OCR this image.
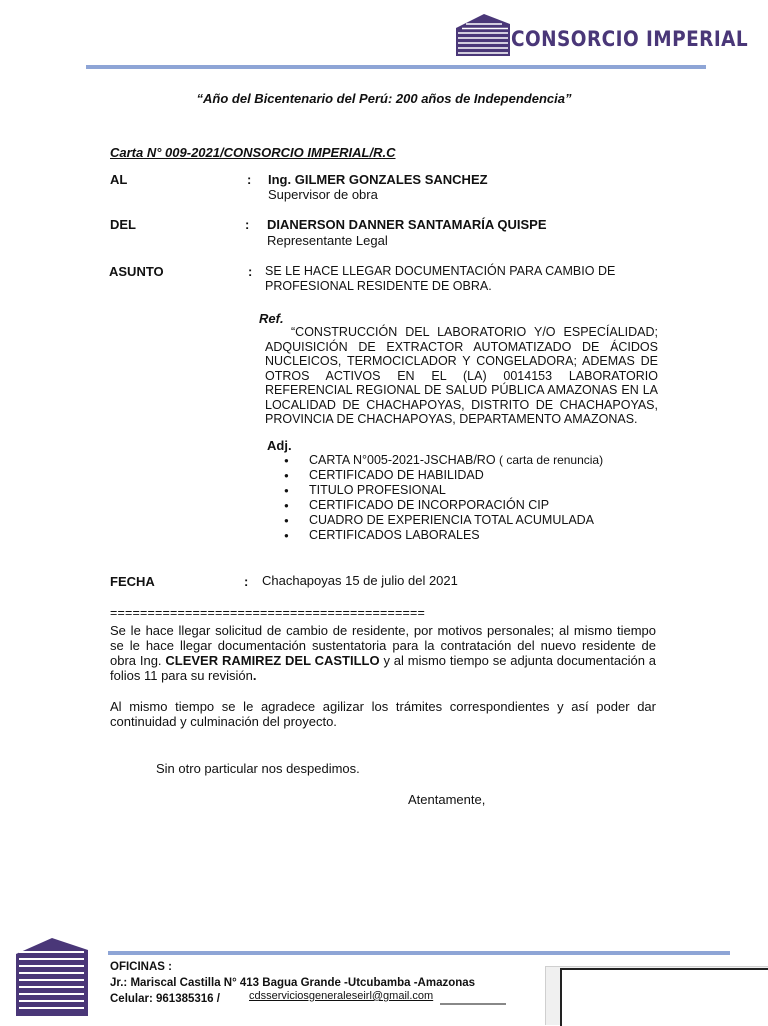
CONSORCIO IMPERIAL
“Año del Bicentenario del Perú: 200 años de Independencia”
Carta N° 009-2021/CONSORCIO IMPERIAL/R.C
AL	: Ing. GILMER GONZALES SANCHEZ
Supervisor de obra
DEL	: DIANERSON DANNER SANTAMARÍA QUISPE
Representante Legal
ASUNTO	: SE LE HACE LLEGAR DOCUMENTACIÓN PARA CAMBIO DE PROFESIONAL RESIDENTE DE OBRA.
Ref.
“CONSTRUCCIÓN DEL LABORATORIO Y/O ESPECÍALIDAD; ADQUISICIÓN DE EXTRACTOR AUTOMATIZADO DE ÁCIDOS NUCLEICOS, TERMOCICLADOR Y CONGELADORA; ADEMAS DE OTROS ACTIVOS EN EL (LA) 0014153 LABORATORIO REFERENCIAL REGIONAL DE SALUD PÚBLICA AMAZONAS EN LA LOCALIDAD DE CHACHAPOYAS, DISTRITO DE CHACHAPOYAS, PROVINCIA DE CHACHAPOYAS, DEPARTAMENTO AMAZONAS.
Adj.
● CARTA N°005-2021-JSCHAB/RO ( carta de renuncia)
● CERTIFICADO DE HABILIDAD
● TITULO PROFESIONAL
● CERTIFICADO DE INCORPORACIÓN CIP
● CUADRO DE EXPERIENCIA TOTAL ACUMULADA
● CERTIFICADOS LABORALES
FECHA	: Chachapoyas 15 de julio del 2021
==========================================
Se le hace llegar solicitud de cambio de residente, por motivos personales; al mismo tiempo se le hace llegar documentación sustentatoria para la contratación del nuevo residente de obra Ing. CLEVER RAMIREZ DEL CASTILLO y al mismo tiempo se adjunta documentación a folios 11 para su revisión.
Al mismo tiempo se le agradece agilizar los trámites correspondientes y así poder dar continuidad y culminación del proyecto.
Sin otro particular nos despedimos.
Atentamente,
OFICINAS :
Jr.: Mariscal Castilla N° 413 Bagua Grande -Utcubamba -Amazonas
Celular: 961385316 /	cdsserviciosgeneraleseirl@gmail.com
